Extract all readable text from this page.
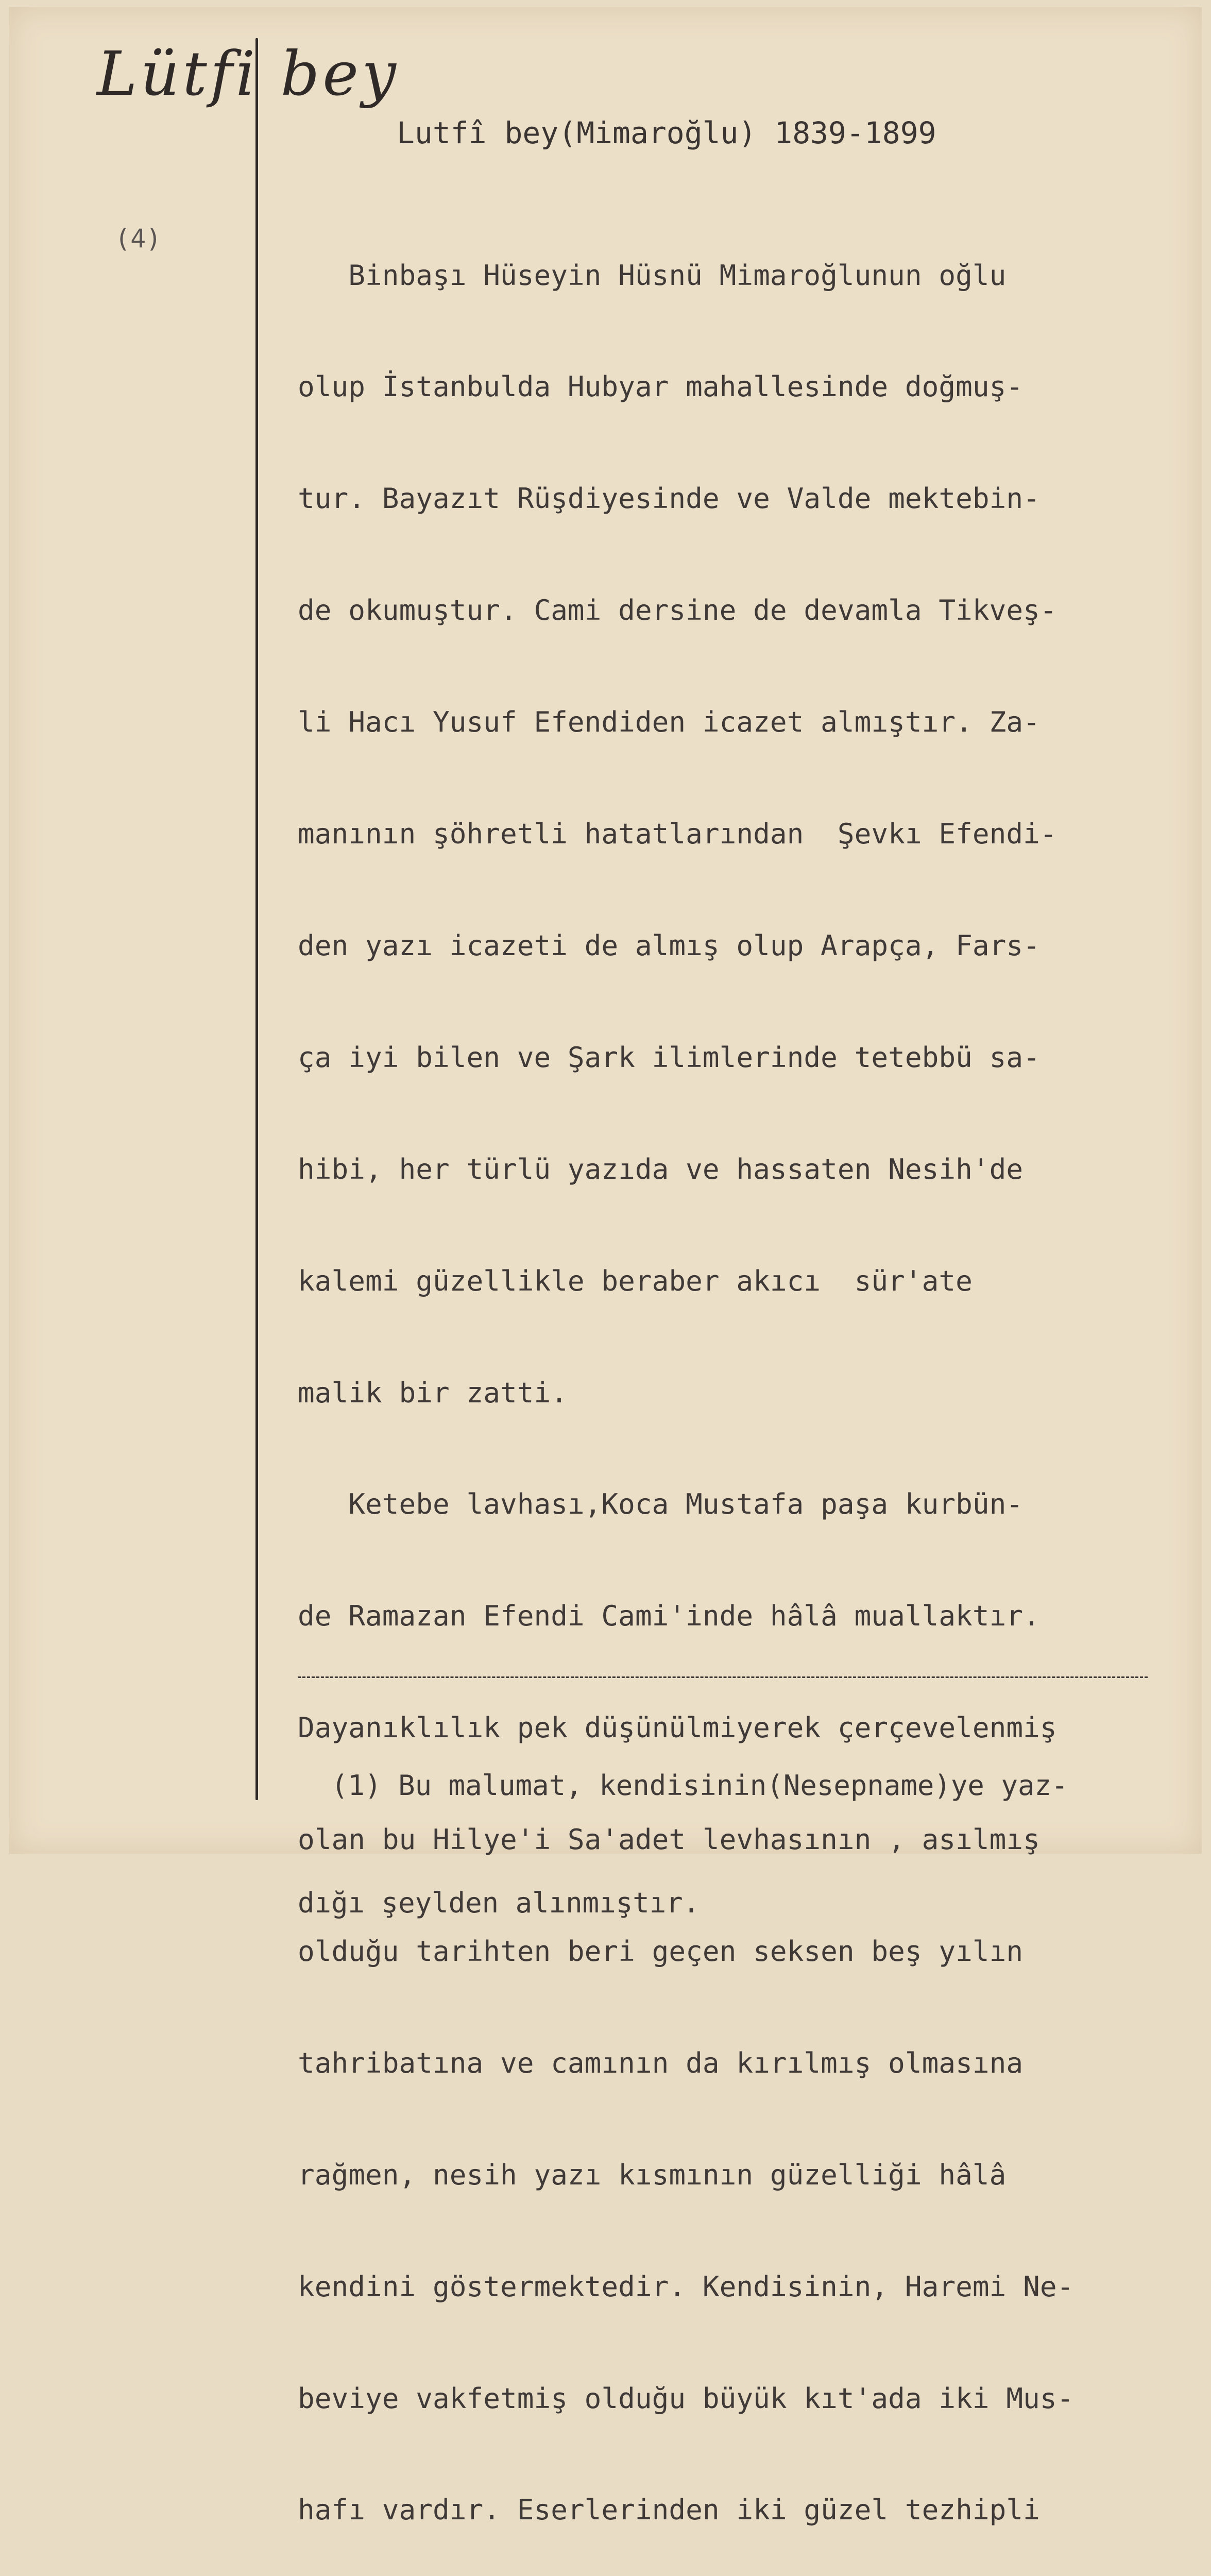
Lütfi bey
(4)
Lutfî bey(Mimaroğlu) 1839-1899

Binbaşı Hüseyin Hüsnü Mimaroğlunun oğlu

olup İstanbulda Hubyar mahallesinde doğmuş-

tur. Bayazıt Rüşdiyesinde ve Valde mektebin-

de okumuştur. Cami dersine de devamla Tikveş-

li Hacı Yusuf Efendiden icazet almıştır. Za-

manının şöhretli hatatlarından  Şevkı Efendi-

den yazı icazeti de almış olup Arapça, Fars-

ça iyi bilen ve Şark ilimlerinde tetebbü sa-

hibi, her türlü yazıda ve hassaten Nesih'de

kalemi güzellikle beraber akıcı  sür'ate

malik bir zatti.

Ketebe lavhası,Koca Mustafa paşa kurbün-

de Ramazan Efendi Cami'inde hâlâ muallaktır.

Dayanıklılık pek düşünülmiyerek çerçevelenmiş

olan bu Hilye'i Sa'adet levhasının , asılmış

olduğu tarihten beri geçen seksen beş yılın

tahribatına ve camının da kırılmış olmasına

rağmen, nesih yazı kısmının güzelliği hâlâ

kendini göstermektedir. Kendisinin, Haremi Ne-

beviye vakfetmiş olduğu büyük kıt'ada iki Mus-

hafı vardır. Eserlerinden iki güzel tezhipli

(1) Bu malumat, kendisinin(Nesepname)ye yaz-

dığı şeylden alınmıştır.
